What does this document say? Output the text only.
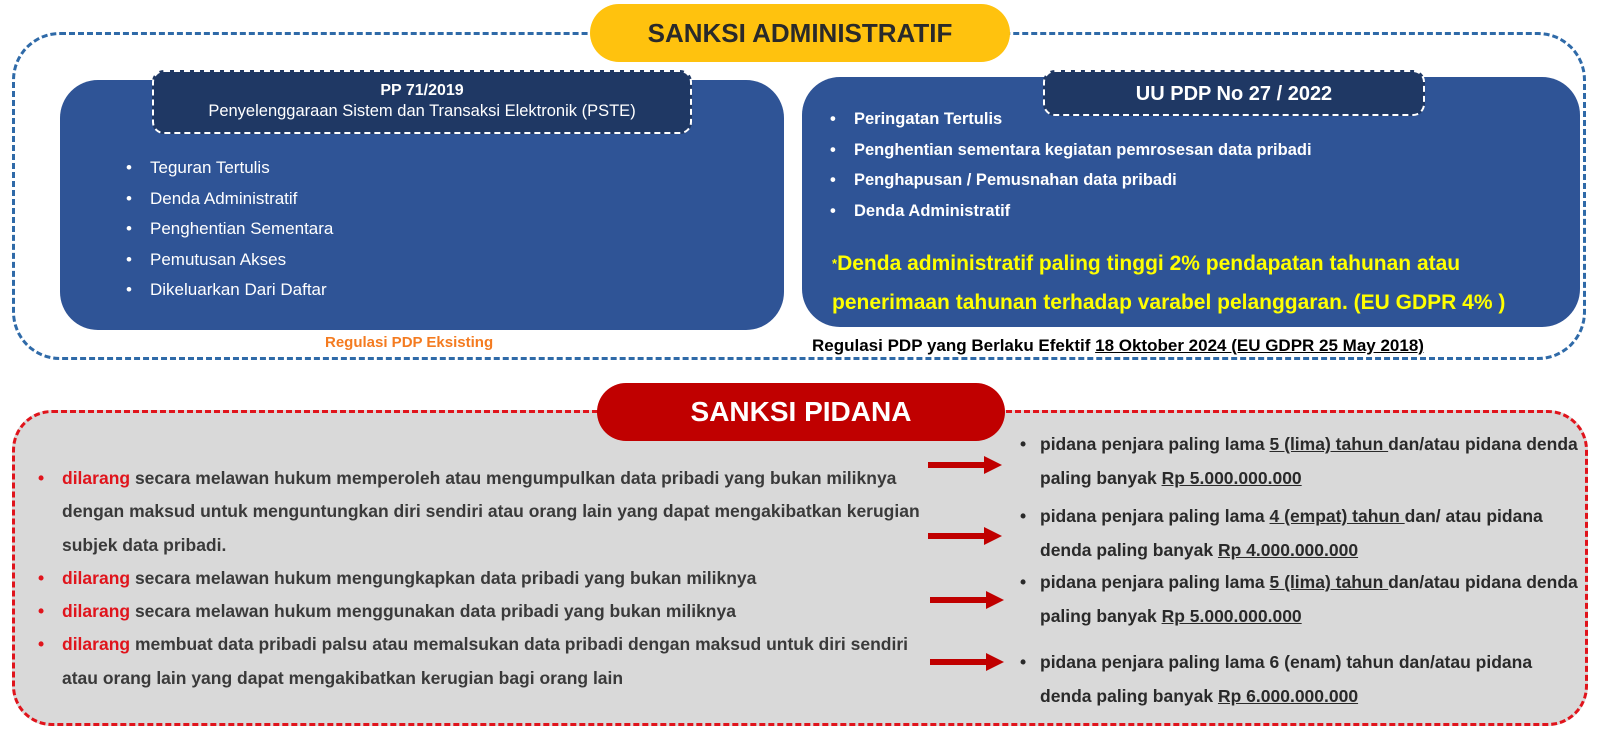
SANKSI ADMINISTRATIF
PP 71/2019
Penyelenggaraan Sistem dan Transaksi Elektronik (PSTE)
• Teguran Tertulis
• Denda Administratif
• Penghentian Sementara
• Pemutusan Akses
• Dikeluarkan Dari Daftar
Regulasi PDP Eksisting
UU PDP No 27 / 2022
• Peringatan Tertulis
• Penghentian sementara kegiatan pemrosesan data pribadi
• Penghapusan / Pemusnahan data pribadi
• Denda Administratif
*Denda administratif paling tinggi 2% pendapatan tahunan atau penerimaan tahunan terhadap varabel pelanggaran. (EU GDPR 4% )
Regulasi PDP yang Berlaku Efektif 18 Oktober 2024 (EU GDPR 25 May 2018)
SANKSI PIDANA
• dilarang secara melawan hukum memperoleh atau mengumpulkan data pribadi yang bukan miliknya dengan maksud untuk menguntungkan diri sendiri atau orang lain yang dapat mengakibatkan kerugian subjek data pribadi.
• dilarang secara melawan hukum mengungkapkan data pribadi yang bukan miliknya
• dilarang secara melawan hukum menggunakan data pribadi yang bukan miliknya
• dilarang membuat data pribadi palsu atau memalsukan data pribadi dengan maksud untuk diri sendiri atau orang lain yang dapat mengakibatkan kerugian bagi orang lain
• pidana penjara paling lama 5 (lima) tahun dan/atau pidana denda paling banyak Rp 5.000.000.000
• pidana penjara paling lama 4 (empat) tahun dan/ atau pidana denda paling banyak Rp 4.000.000.000
• pidana penjara paling lama 5 (lima) tahun dan/atau pidana denda paling banyak Rp 5.000.000.000
• pidana penjara paling lama 6 (enam) tahun dan/atau pidana denda paling banyak Rp 6.000.000.000
